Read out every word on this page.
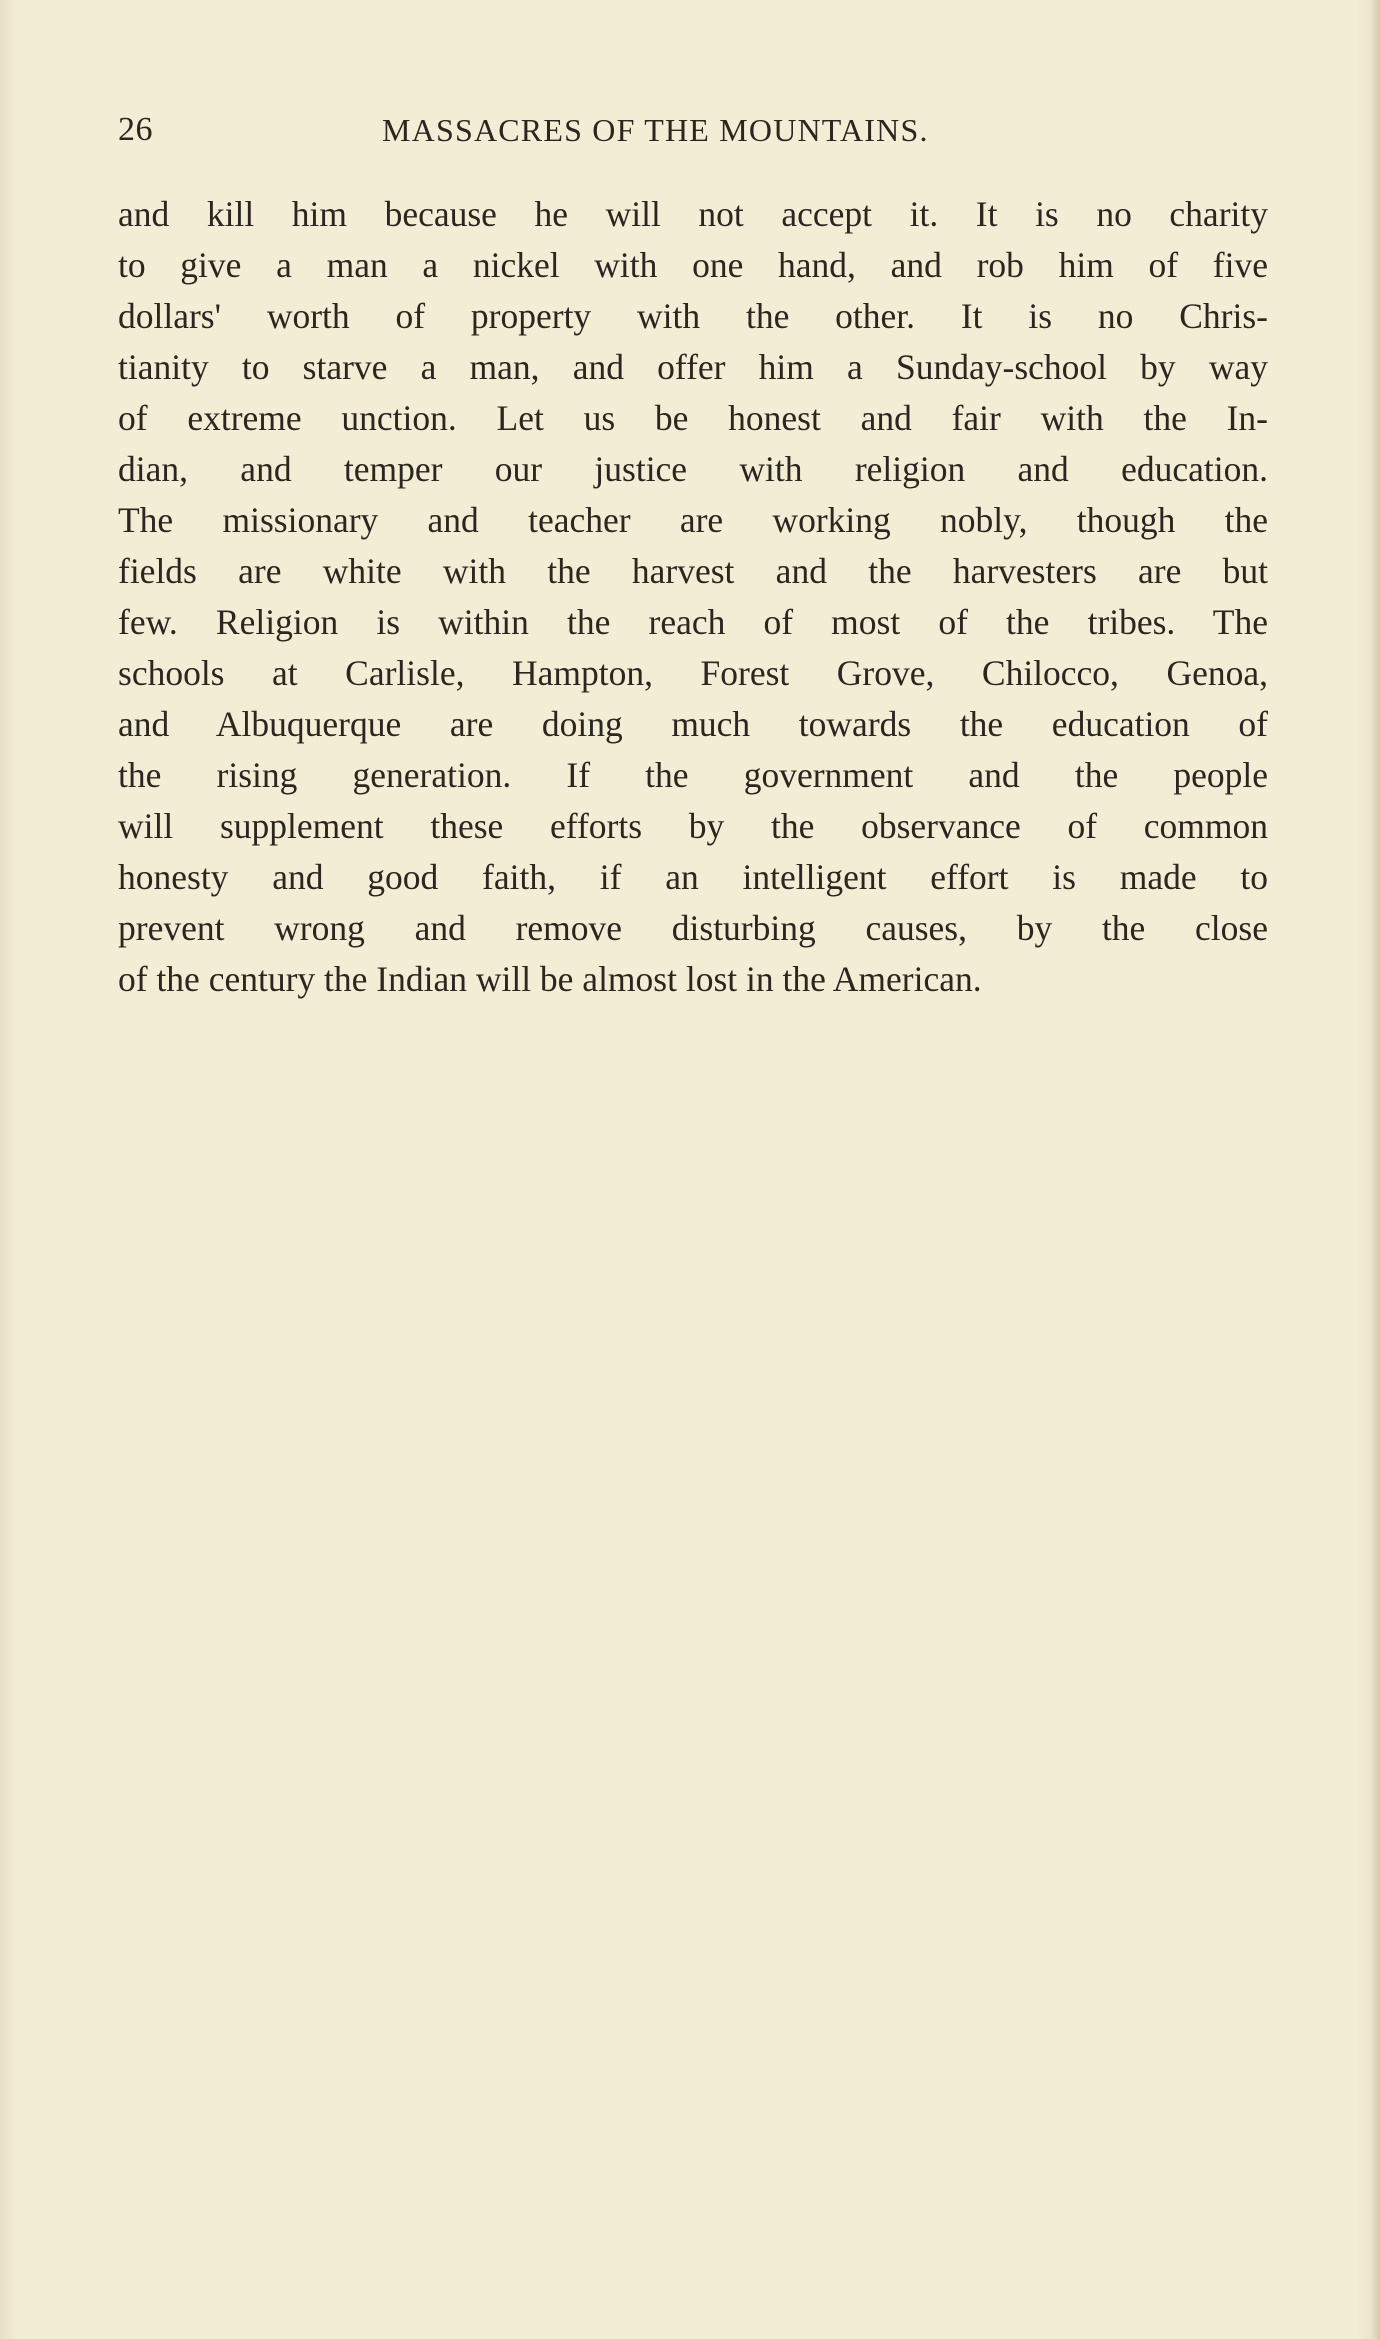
26	MASSACRES OF THE MOUNTAINS.
and kill him because he will not accept it. It is no charity
to give a man a nickel with one hand, and rob him of five
dollars' worth of property with the other. It is no Chris-
tianity to starve a man, and offer him a Sunday-school by way
of extreme unction. Let us be honest and fair with the In-
dian, and temper our justice with religion and education.
The missionary and teacher are working nobly, though the
fields are white with the harvest and the harvesters are but
few. Religion is within the reach of most of the tribes. The
schools at Carlisle, Hampton, Forest Grove, Chilocco, Genoa,
and Albuquerque are doing much towards the education of
the rising generation. If the government and the people
will supplement these efforts by the observance of common
honesty and good faith, if an intelligent effort is made to
prevent wrong and remove disturbing causes, by the close
of the century the Indian will be almost lost in the American.
